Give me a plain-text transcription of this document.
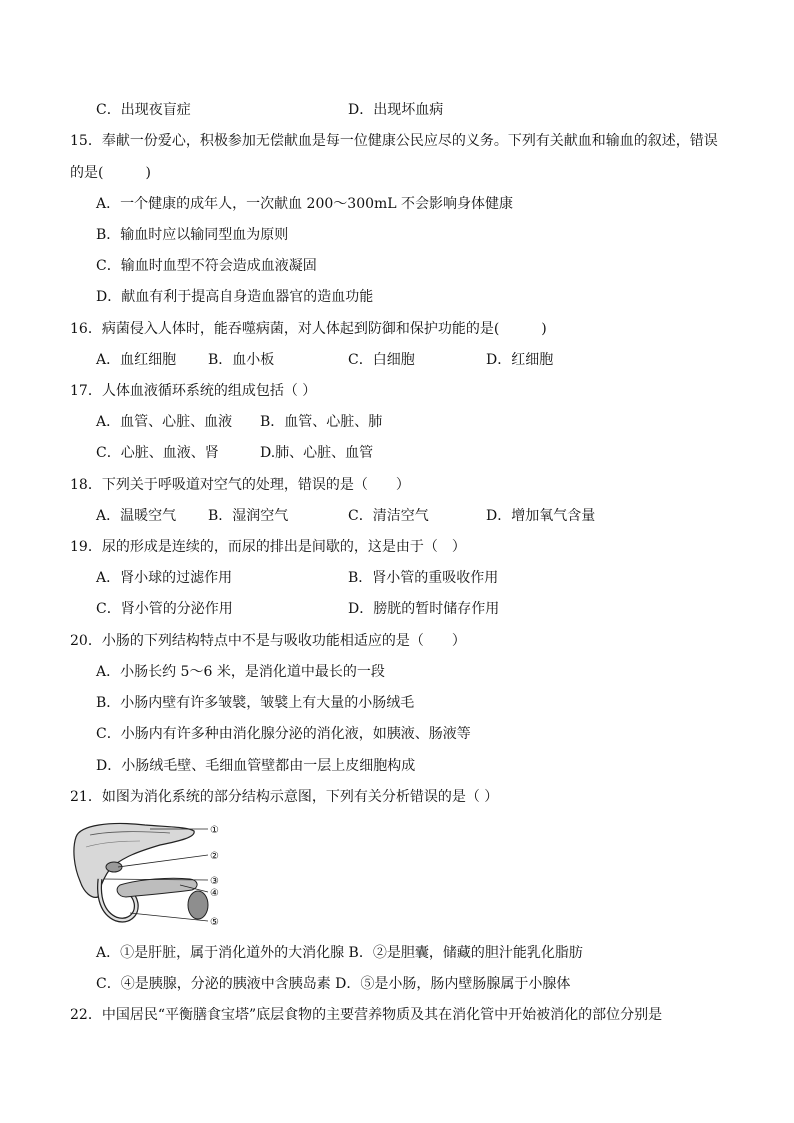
C．出现夜盲症	D．出现坏血病
15．奉献一份爱心，积极参加无偿献血是每一位健康公民应尽的义务。下列有关献血和输血的叙述，错误
的是(　　　)
A．一个健康的成年人，一次献血 200～300mL 不会影响身体健康
B．输血时应以输同型血为原则
C．输血时血型不符会造成血液凝固
D．献血有利于提高自身造血器官的造血功能
16．病菌侵入人体时，能吞噬病菌，对人体起到防御和保护功能的是(　　　)
A．血红细胞 B．血小板	C．白细胞	D．红细胞
17．人体血液循环系统的组成包括（ ）
A．血管、心脏、血液 B．血管、心脏、肺
C．心脏、血液、肾	D.肺、心脏、血管
18．下列关于呼吸道对空气的处理，错误的是（　　）
A．温暖空气 B．湿润空气	C．清洁空气	D．增加氧气含量
19．尿的形成是连续的，而尿的排出是间歇的，这是由于（　）
A．肾小球的过滤作用	B．肾小管的重吸收作用
C．肾小管的分泌作用	D．膀胱的暂时储存作用
20．小肠的下列结构特点中不是与吸收功能相适应的是（　　）
A．小肠长约 5～6 米，是消化道中最长的一段
B．小肠内壁有许多皱襞，皱襞上有大量的小肠绒毛
C．小肠内有许多种由消化腺分泌的消化液，如胰液、肠液等
D．小肠绒毛壁、毛细血管壁都由一层上皮细胞构成
21．如图为消化系统的部分结构示意图，下列有关分析错误的是（ ）
①
②
③
④
⑤
A．①是肝脏，属于消化道外的大消化腺 B．②是胆囊，储藏的胆汁能乳化脂肪
C．④是胰腺，分泌的胰液中含胰岛素 D．⑤是小肠，肠内壁肠腺属于小腺体
22．中国居民“平衡膳食宝塔”底层食物的主要营养物质及其在消化管中开始被消化的部位分别是
